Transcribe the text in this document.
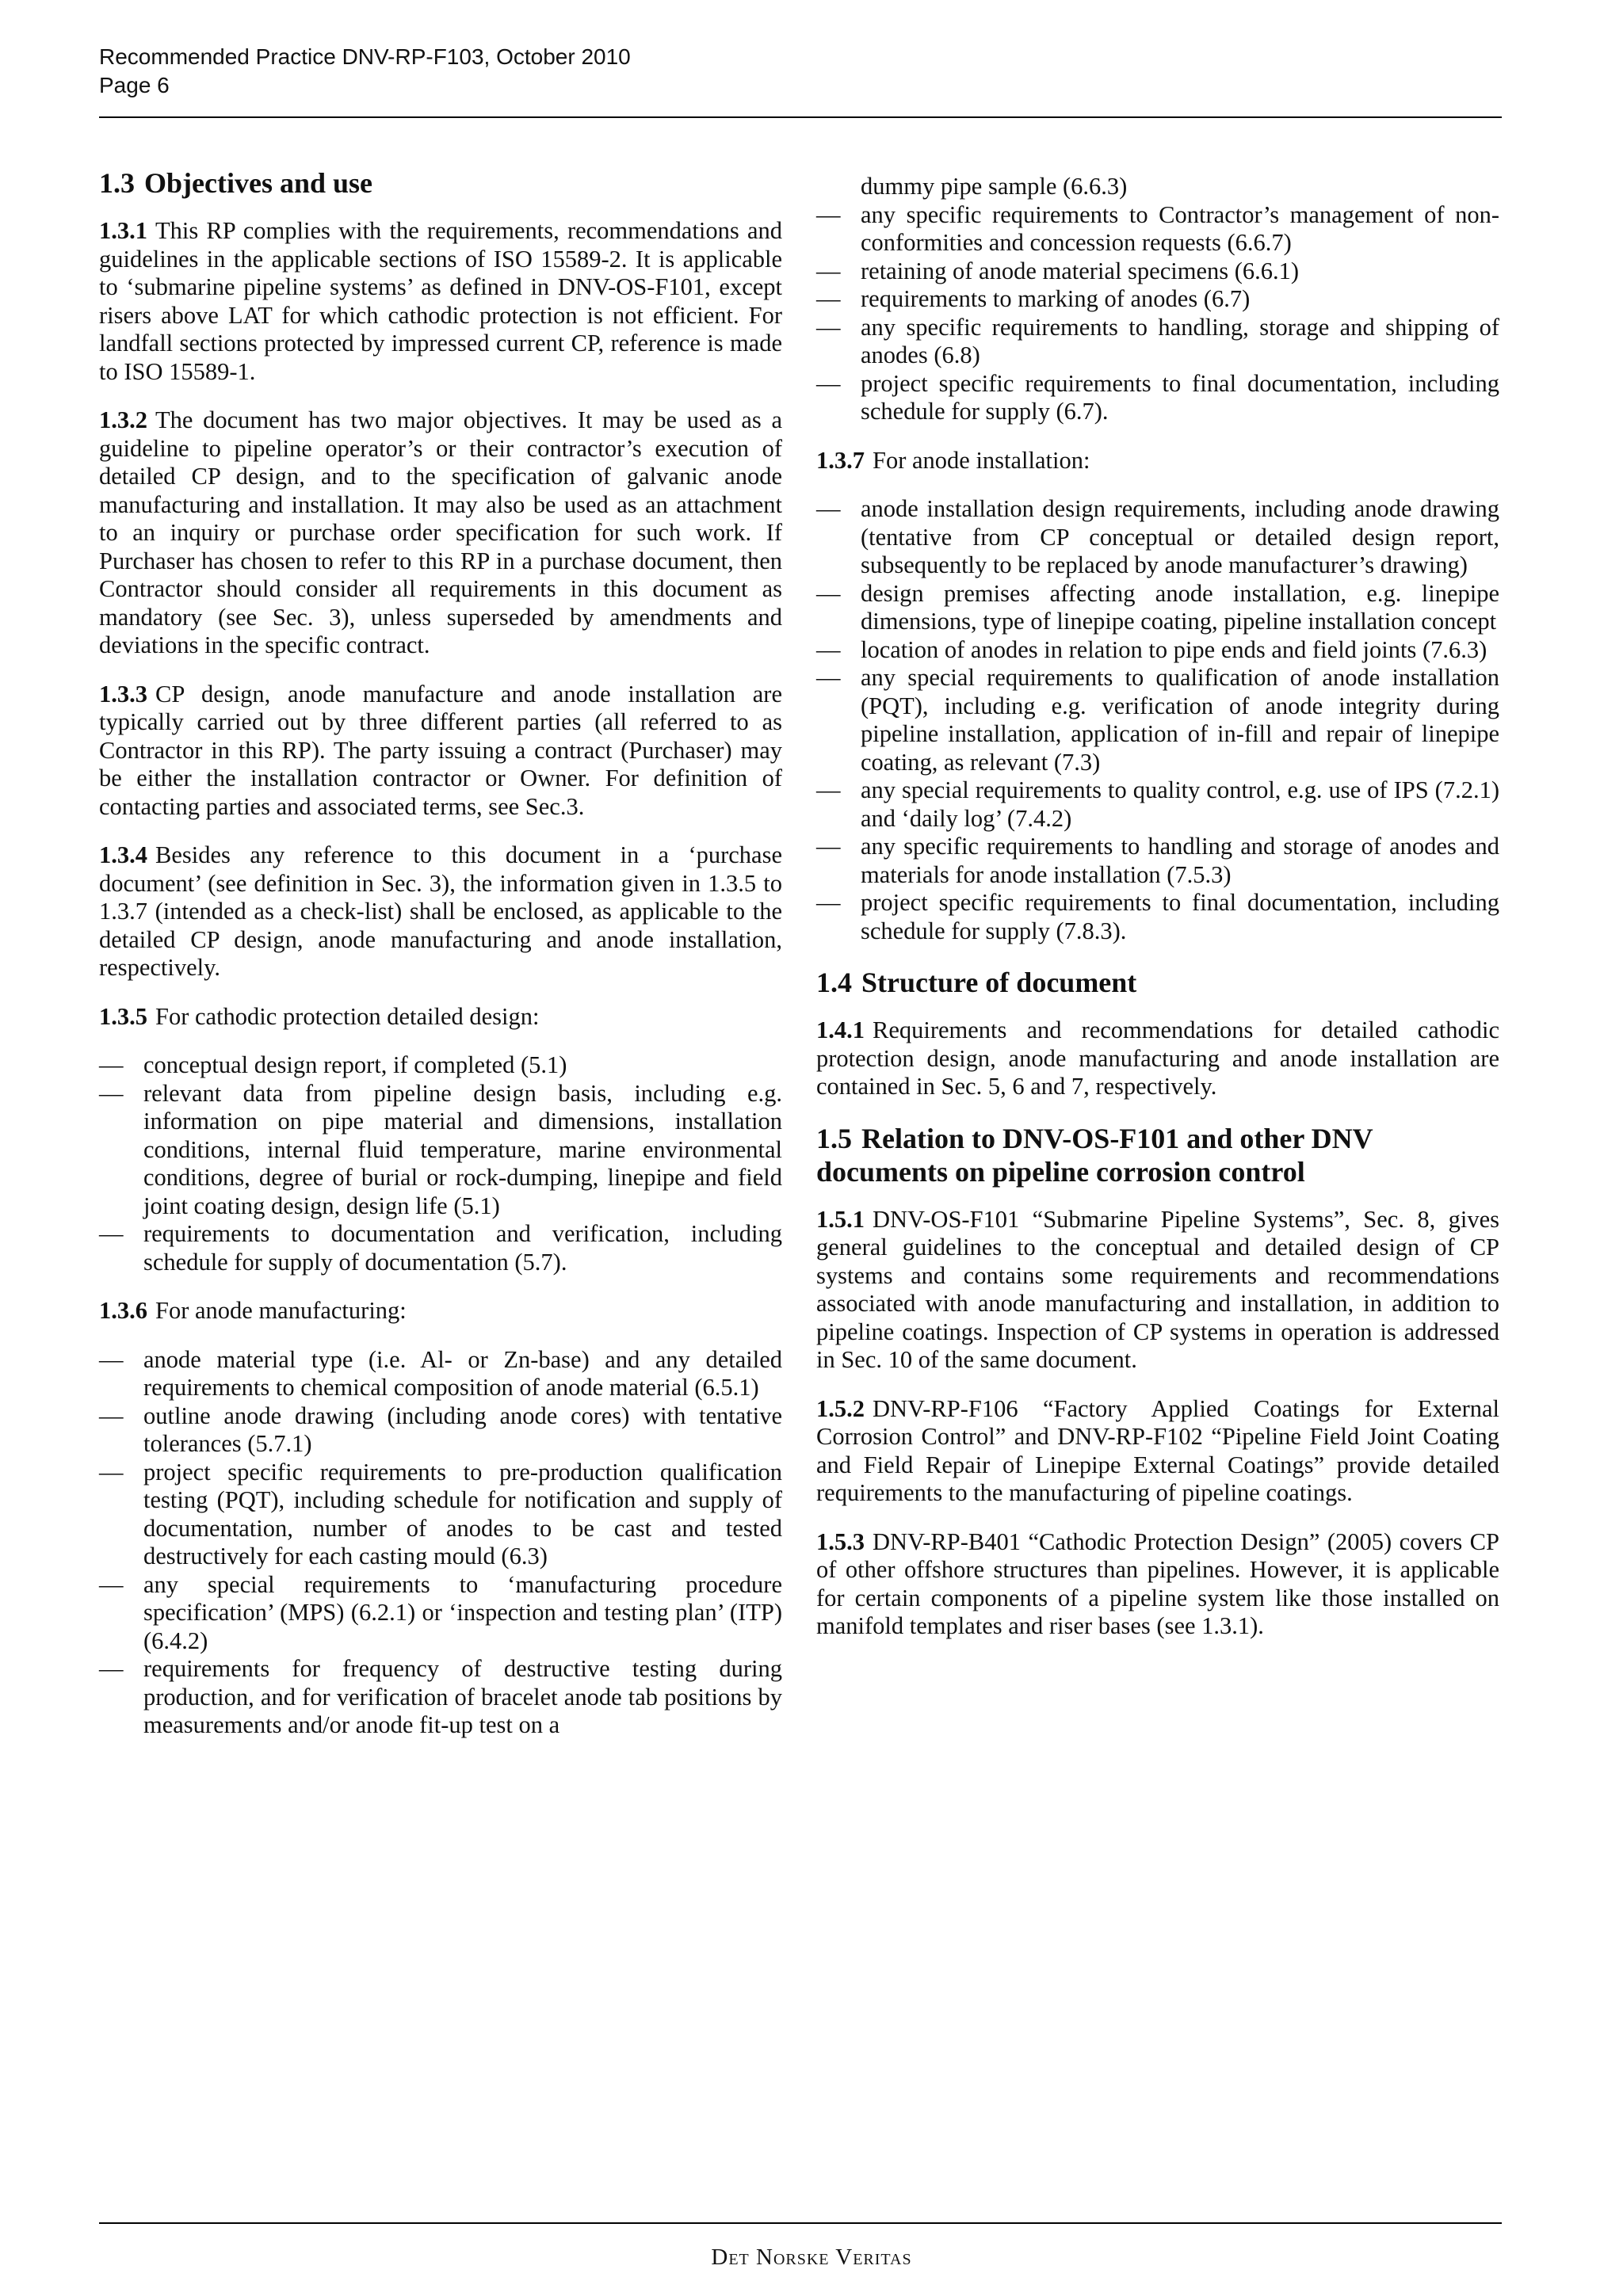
Recommended Practice DNV-RP-F103, October 2010
Page 6
1.3 Objectives and use

1.3.1 This RP complies with the requirements, recommendations and guidelines in the applicable sections of ISO 15589-2. It is applicable to ‘submarine pipeline systems’ as defined in DNV-OS-F101, except risers above LAT for which cathodic protection is not efficient. For landfall sections protected by impressed current CP, reference is made to ISO 15589-1.

1.3.2 The document has two major objectives. It may be used as a guideline to pipeline operator’s or their contractor’s execution of detailed CP design, and to the specification of galvanic anode manufacturing and installation. It may also be used as an attachment to an inquiry or purchase order specification for such work. If Purchaser has chosen to refer to this RP in a purchase document, then Contractor should consider all requirements in this document as mandatory (see Sec. 3), unless superseded by amendments and deviations in the specific contract.

1.3.3 CP design, anode manufacture and anode installation are typically carried out by three different parties (all referred to as Contractor in this RP). The party issuing a contract (Purchaser) may be either the installation contractor or Owner. For definition of contacting parties and associated terms, see Sec.3.

1.3.4 Besides any reference to this document in a ‘purchase document’ (see definition in Sec. 3), the information given in 1.3.5 to 1.3.7 (intended as a check-list) shall be enclosed, as applicable to the detailed CP design, anode manufacturing and anode installation, respectively.

1.3.5 For cathodic protection detailed design:

— conceptual design report, if completed (5.1)
— relevant data from pipeline design basis, including e.g. information on pipe material and dimensions, installation conditions, internal fluid temperature, marine environmental conditions, degree of burial or rock-dumping, linepipe and field joint coating design, design life (5.1)
— requirements to documentation and verification, including schedule for supply of documentation (5.7).

1.3.6 For anode manufacturing:

— anode material type (i.e. Al- or Zn-base) and any detailed requirements to chemical composition of anode material (6.5.1)
— outline anode drawing (including anode cores) with tentative tolerances (5.7.1)
— project specific requirements to pre-production qualification testing (PQT), including schedule for notification and supply of documentation, number of anodes to be cast and tested destructively for each casting mould (6.3)
— any special requirements to ‘manufacturing procedure specification’ (MPS) (6.2.1) or ‘inspection and testing plan’ (ITP) (6.4.2)
— requirements for frequency of destructive testing during production, and for verification of bracelet anode tab positions by measurements and/or anode fit-up test on a
dummy pipe sample (6.6.3)
— any specific requirements to Contractor’s management of non-conformities and concession requests (6.6.7)
— retaining of anode material specimens (6.6.1)
— requirements to marking of anodes (6.7)
— any specific requirements to handling, storage and shipping of anodes (6.8)
— project specific requirements to final documentation, including schedule for supply (6.7).

1.3.7 For anode installation:

— anode installation design requirements, including anode drawing (tentative from CP conceptual or detailed design report, subsequently to be replaced by anode manufacturer’s drawing)
— design premises affecting anode installation, e.g. linepipe dimensions, type of linepipe coating, pipeline installation concept
— location of anodes in relation to pipe ends and field joints (7.6.3)
— any special requirements to qualification of anode installation (PQT), including e.g. verification of anode integrity during pipeline installation, application of in-fill and repair of linepipe coating, as relevant (7.3)
— any special requirements to quality control, e.g. use of IPS (7.2.1) and ‘daily log’ (7.4.2)
— any specific requirements to handling and storage of anodes and materials for anode installation (7.5.3)
— project specific requirements to final documentation, including schedule for supply (7.8.3).
1.4 Structure of document

1.4.1 Requirements and recommendations for detailed cathodic protection design, anode manufacturing and anode installation are contained in Sec. 5, 6 and 7, respectively.

1.5 Relation to DNV-OS-F101 and other DNV documents on pipeline corrosion control

1.5.1 DNV-OS-F101 “Submarine Pipeline Systems”, Sec. 8, gives general guidelines to the conceptual and detailed design of CP systems and contains some requirements and recommendations associated with anode manufacturing and installation, in addition to pipeline coatings. Inspection of CP systems in operation is addressed in Sec. 10 of the same document.

1.5.2 DNV-RP-F106 “Factory Applied Coatings for External Corrosion Control” and DNV-RP-F102 “Pipeline Field Joint Coating and Field Repair of Linepipe External Coatings” provide detailed requirements to the manufacturing of pipeline coatings.

1.5.3 DNV-RP-B401 “Cathodic Protection Design” (2005) covers CP of other offshore structures than pipelines. However, it is applicable for certain components of a pipeline system like those installed on manifold templates and riser bases (see 1.3.1).

Det Norske Veritas
